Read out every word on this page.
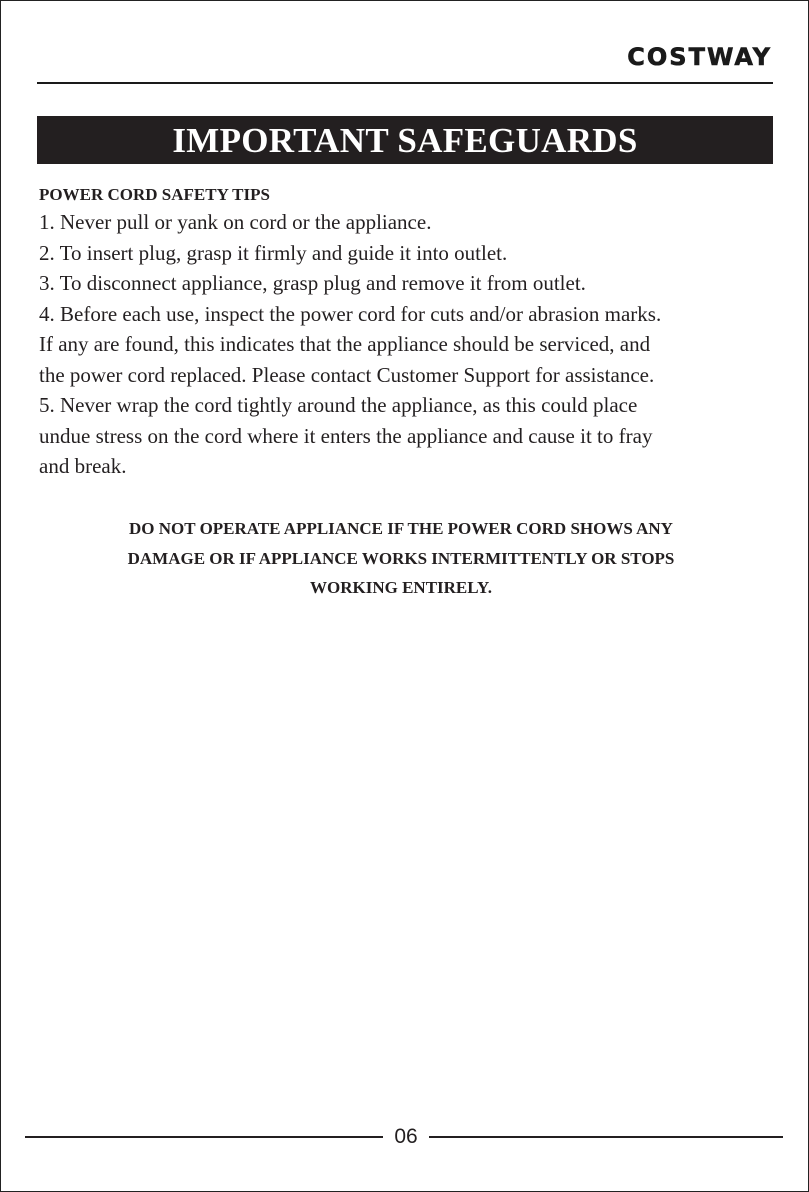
COSTWAY
IMPORTANT SAFEGUARDS
POWER CORD SAFETY TIPS

1. Never pull or yank on cord or the appliance.

2. To insert plug, grasp it firmly and guide it into outlet.

3. To disconnect appliance, grasp plug and remove it from outlet.

4. Before each use, inspect the power cord for cuts and/or abrasion marks.

If any are found, this indicates that the appliance should be serviced, and

the power cord replaced. Please contact Customer Support for assistance.

5. Never wrap the cord tightly around the appliance, as this could place

undue stress on the cord where it enters the appliance and cause it to fray

and break.

DO NOT OPERATE APPLIANCE IF THE POWER CORD SHOWS ANY

DAMAGE OR IF APPLIANCE WORKS INTERMITTENTLY OR STOPS

WORKING ENTIRELY.

06
